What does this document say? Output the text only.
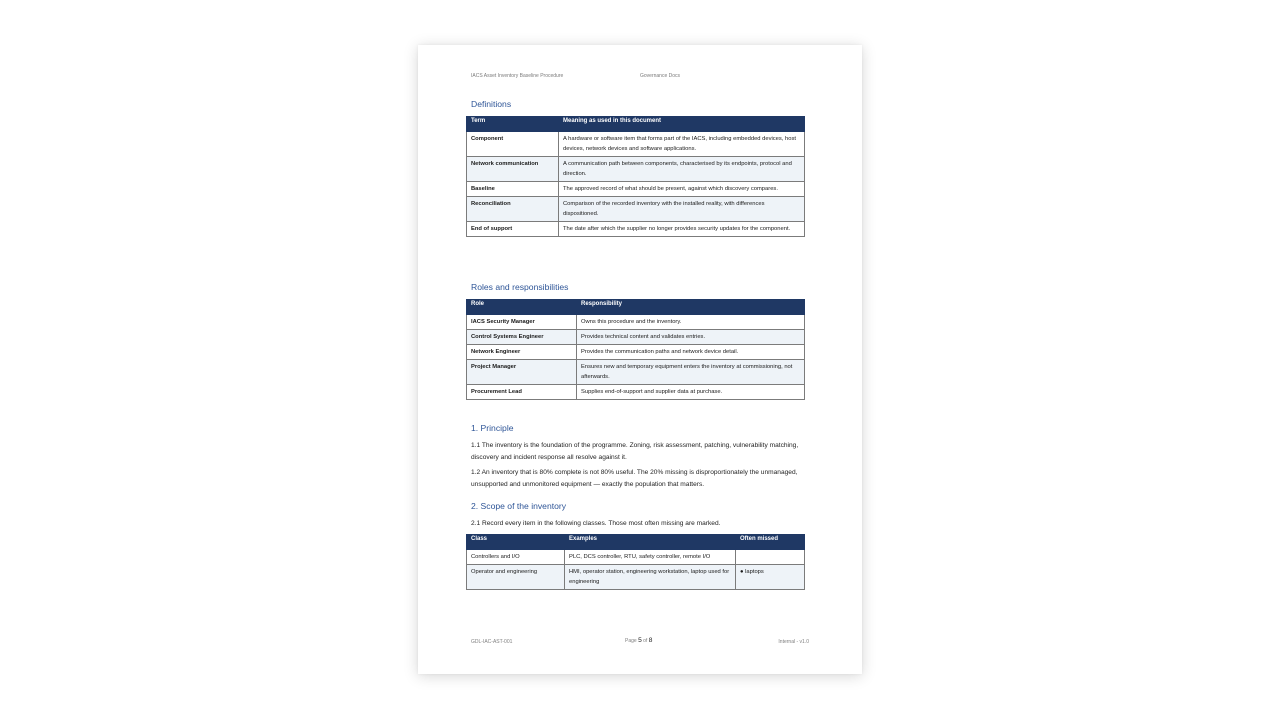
IACS Asset Inventory Baseline Procedure	Governance Docs
Definitions
Term	Meaning as used in this document
Component	A hardware or software item that forms part of the IACS, including embedded devices, host devices, network devices and software applications.
Network communication	A communication path between components, characterised by its endpoints, protocol and direction.
Baseline	The approved record of what should be present, against which discovery compares.
Reconciliation	Comparison of the recorded inventory with the installed reality, with differences dispositioned.
End of support	The date after which the supplier no longer provides security updates for the component.
Roles and responsibilities
Role	Responsibility
IACS Security Manager	Owns this procedure and the inventory.
Control Systems Engineer	Provides technical content and validates entries.
Network Engineer	Provides the communication paths and network device detail.
Project Manager	Ensures new and temporary equipment enters the inventory at commissioning, not afterwards.
Procurement Lead	Supplies end-of-support and supplier data at purchase.
1. Principle
1.1 The inventory is the foundation of the programme. Zoning, risk assessment, patching, vulnerability matching, discovery and incident response all resolve against it.
1.2 An inventory that is 80% complete is not 80% useful. The 20% missing is disproportionately the unmanaged, unsupported and unmonitored equipment — exactly the population that matters.
2. Scope of the inventory
2.1 Record every item in the following classes. Those most often missing are marked.
Class	Examples	Often missed
Controllers and I/O	PLC, DCS controller, RTU, safety controller, remote I/O	
Operator and engineering	HMI, operator station, engineering workstation, laptop used for engineering	● laptops
GDL-IAC-AST-001	Page 5 of 8	Internal - v1.0
